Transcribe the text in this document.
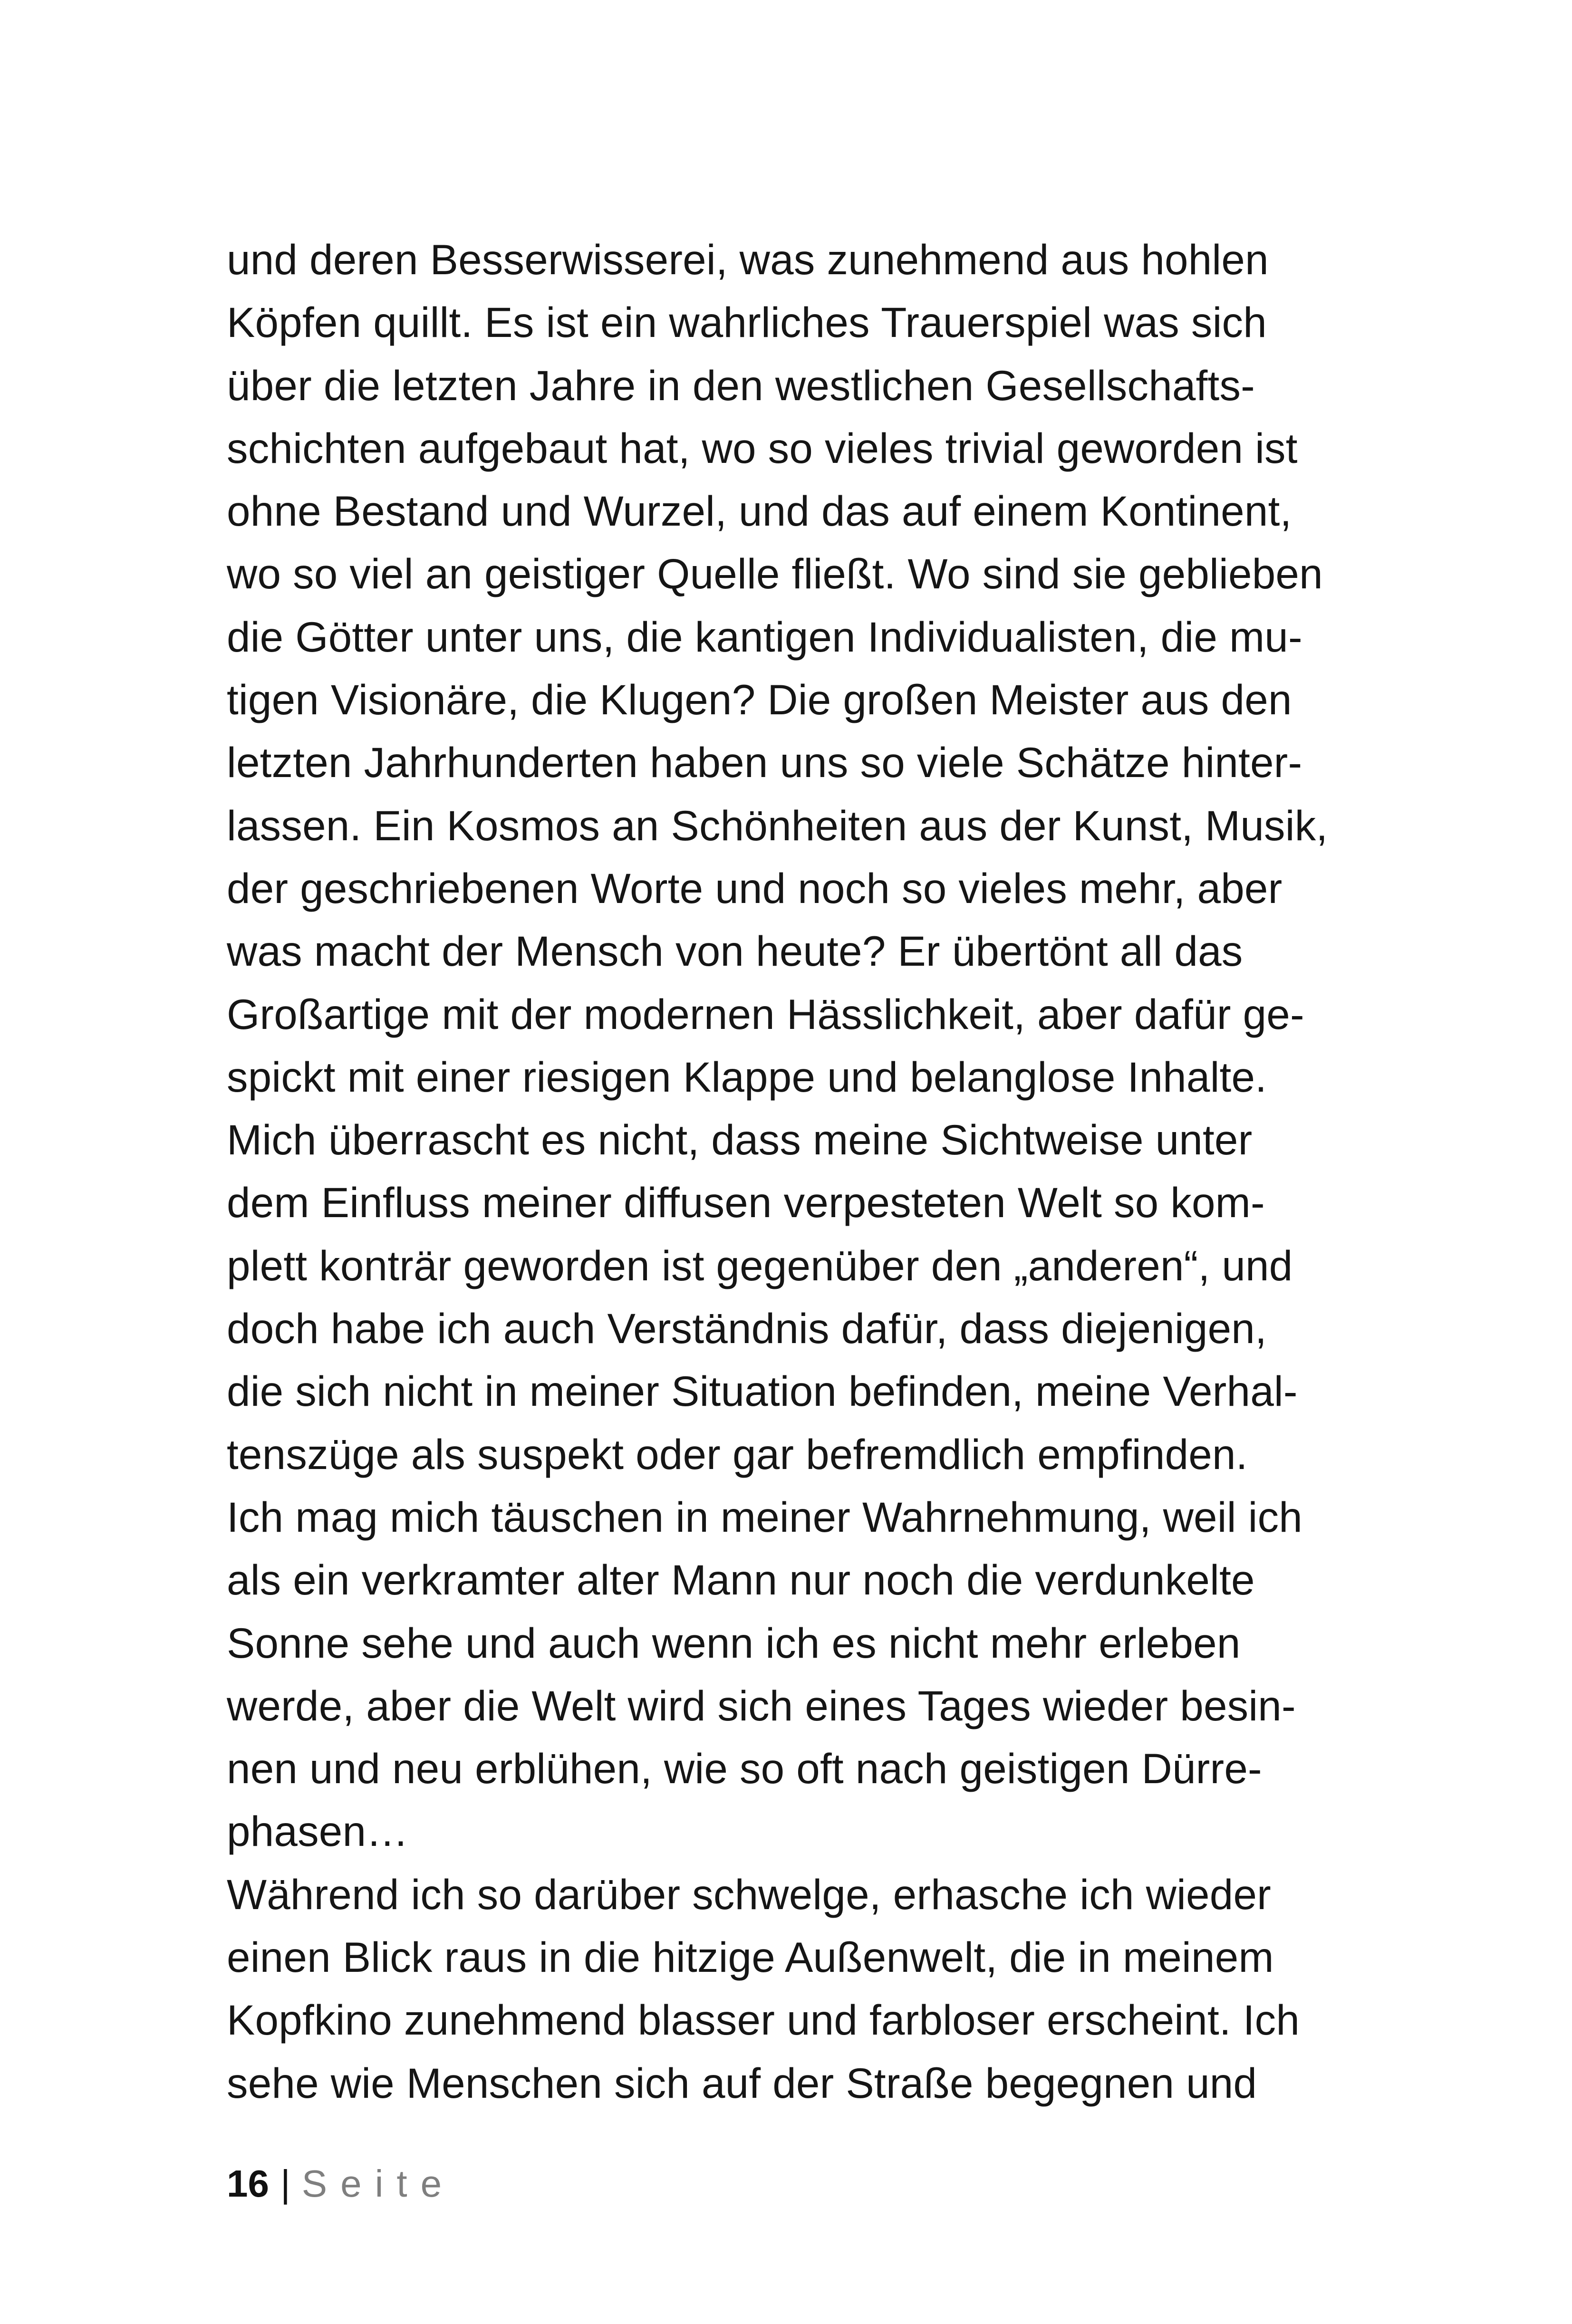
und deren Besserwisserei, was zunehmend aus hohlen
Köpfen quillt. Es ist ein wahrliches Trauerspiel was sich
über die letzten Jahre in den westlichen Gesellschafts-
schichten aufgebaut hat, wo so vieles trivial geworden ist
ohne Bestand und Wurzel, und das auf einem Kontinent,
wo so viel an geistiger Quelle fließt. Wo sind sie geblieben
die Götter unter uns, die kantigen Individualisten, die mu-
tigen Visionäre, die Klugen? Die großen Meister aus den
letzten Jahrhunderten haben uns so viele Schätze hinter-
lassen. Ein Kosmos an Schönheiten aus der Kunst, Musik,
der geschriebenen Worte und noch so vieles mehr, aber
was macht der Mensch von heute? Er übertönt all das
Großartige mit der modernen Hässlichkeit, aber dafür ge-
spickt mit einer riesigen Klappe und belanglose Inhalte.
Mich überrascht es nicht, dass meine Sichtweise unter
dem Einfluss meiner diffusen verpesteten Welt so kom-
plett konträr geworden ist gegenüber den „anderen“, und
doch habe ich auch Verständnis dafür, dass diejenigen,
die sich nicht in meiner Situation befinden, meine Verhal-
tenszüge als suspekt oder gar befremdlich empfinden.
Ich mag mich täuschen in meiner Wahrnehmung, weil ich
als ein verkramter alter Mann nur noch die verdunkelte
Sonne sehe und auch wenn ich es nicht mehr erleben
werde, aber die Welt wird sich eines Tages wieder besin-
nen und neu erblühen, wie so oft nach geistigen Dürre-
phasen…
Während ich so darüber schwelge, erhasche ich wieder
einen Blick raus in die hitzige Außenwelt, die in meinem
Kopfkino zunehmend blasser und farbloser erscheint. Ich
sehe wie Menschen sich auf der Straße begegnen und
16 | Seite
